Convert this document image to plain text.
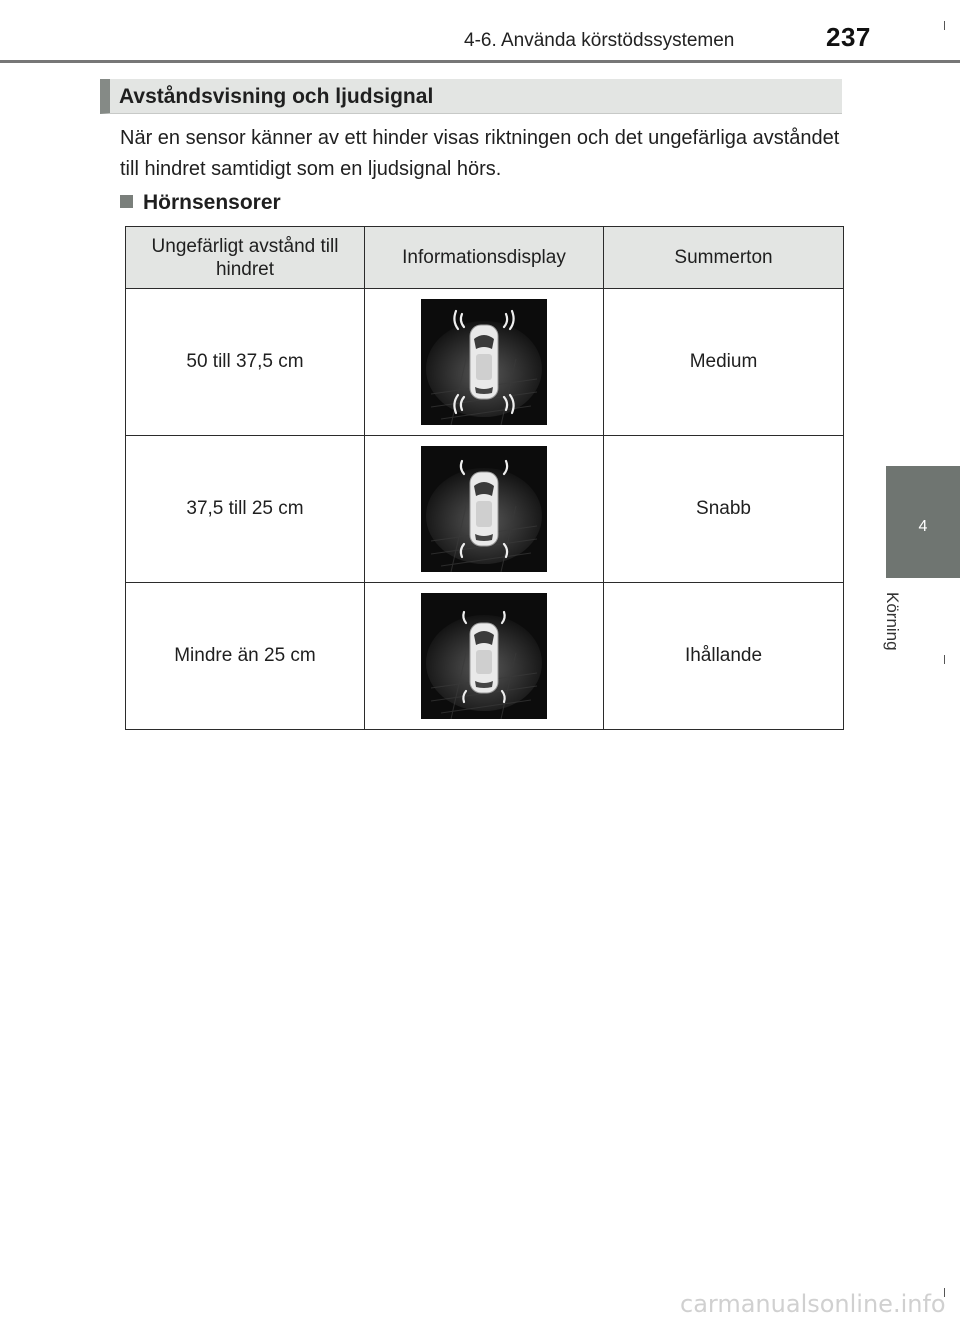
4-6. Använda körstödssystemen	237
4
Körning
Avståndsvisning och ljudsignal

När en sensor känner av ett hinder visas riktningen och det ungefärliga avståndet till hindret samtidigt som en ljudsignal hörs.

Hörnsensorer
Ungefärligt avstånd till hindret	Informationsdisplay	Summerton
50 till 37,5 cm		Medium
37,5 till 25 cm		Snabb
Mindre än 25 cm		Ihållande
carmanualsonline.info
